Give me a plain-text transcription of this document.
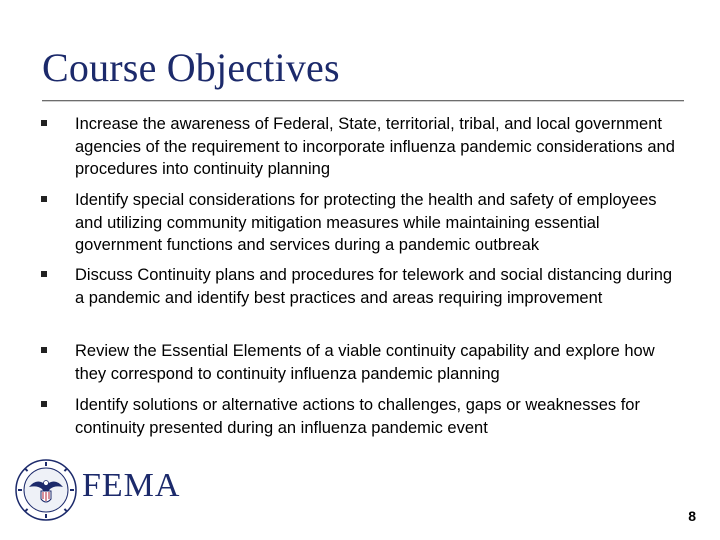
Course Objectives
Increase the awareness of Federal, State, territorial, tribal, and local government agencies of the requirement to incorporate influenza pandemic considerations and procedures into continuity planning
Identify special considerations for protecting the health and safety of employees and utilizing community mitigation measures while maintaining essential government functions and services during a pandemic outbreak
Discuss Continuity plans and procedures for telework and social distancing during a pandemic and identify best practices and areas requiring improvement
Review the Essential Elements of a viable continuity capability and explore how they correspond to continuity influenza pandemic planning
Identify solutions or alternative actions to challenges, gaps or weaknesses for continuity presented during an influenza pandemic event
FEMA
8
